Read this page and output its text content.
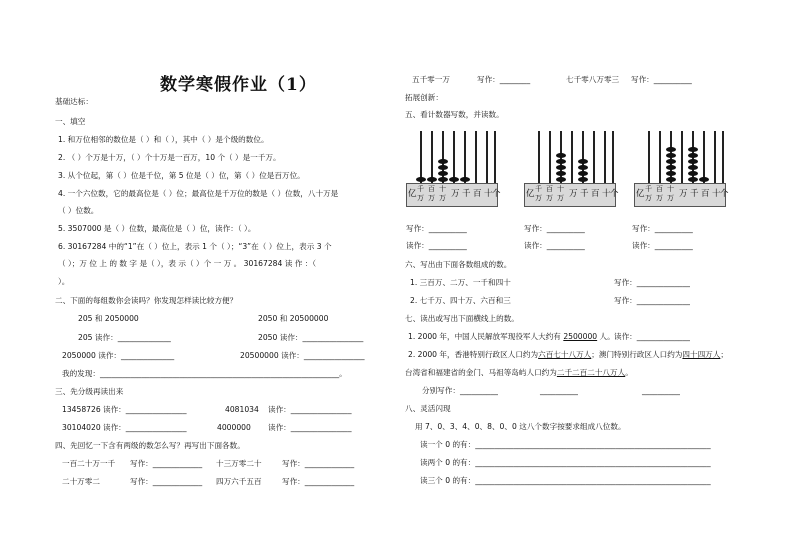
数学寒假作业（1）
基础达标：
一、填空
1. 和万位相邻的数位是（ ）和（ ），其中（ ）是个级的数位。
2. （ ）个万是十万，（ ）个十万是一百万，10 个（ ）是一千万。
3. 从个位起，第（ ）位是千位，第 5 位是（ ）位，第（ ）位是百万位。
4. 一个六位数，它的最高位是（ ）位；最高位是千万位的数是（ ）位数，八十万是
（ ）位数。
5. 3507000 是（ ）位数，最高位是（ ）位，读作：（ ）。
6. 30167284 中的“1”在（ ）位上，表示 1 个（ ）；“3”在（ ）位上，表示 3 个
（ ）；万 位 上 的 数 字 是（ ），表 示（ ）个 一 万 。 30167284 读 作 ：（
）。
二、下面的每组数你会读吗？你发现怎样读比较方便？
205 和 2050000	2050 和 20500000
205 读作：______________	2050 读作：________________
2050000 读作：______________	20500000 读作：________________
我的发现：_______________________________________________________________。
三、先分级再读出来
13458726 读作：________________	4081034 读作：________________
30104020 读作：________________	4000000 读作：________________
四、先回忆一下含有两级的数怎么写？再写出下面各数。
一百二十万一千 写作：_____________ 十三万零二十	写作：_____________
二十万零二	写作：_____________ 四万六千五百	写作：_____________
五千零一万	写作：________	七千零八万零三 写作：__________
拓展创新：
五、看计数器写数，并读数。
亿 千万
百万
十万 万 千 百 十 个	亿 千万
百万
十万 万 千 百 十 个 亿 千万
百万
十万 万 千 百 十 个
写作：__________	写作：__________	写作：__________
读作：__________	读作：__________	读作：__________
六、写出由下面各数组成的数。
1. 三百万、二万、一千和四十	写作：______________
2. 七千万、四十万、六百和三	写作：______________
七、读出或写出下面横线上的数。
1. 2000 年，中国人民解放军现役军人大约有 2500000 人。 读作：______________
2. 2000 年，香港特别行政区人口约为六百七十八万人；澳门特别行政区人口约为四十四万人；
台湾省和福建省的金门、马祖等岛屿人口约为二千二百二十八万人。
分别写作：__________	__________	__________
八、灵活闪现
用 7、0、3、4、0、8、0、0 这八个数字按要求组成八位数。
读一个 0 的有：______________________________________________________________
读两个 0 的有：______________________________________________________________
读三个 0 的有：______________________________________________________________
